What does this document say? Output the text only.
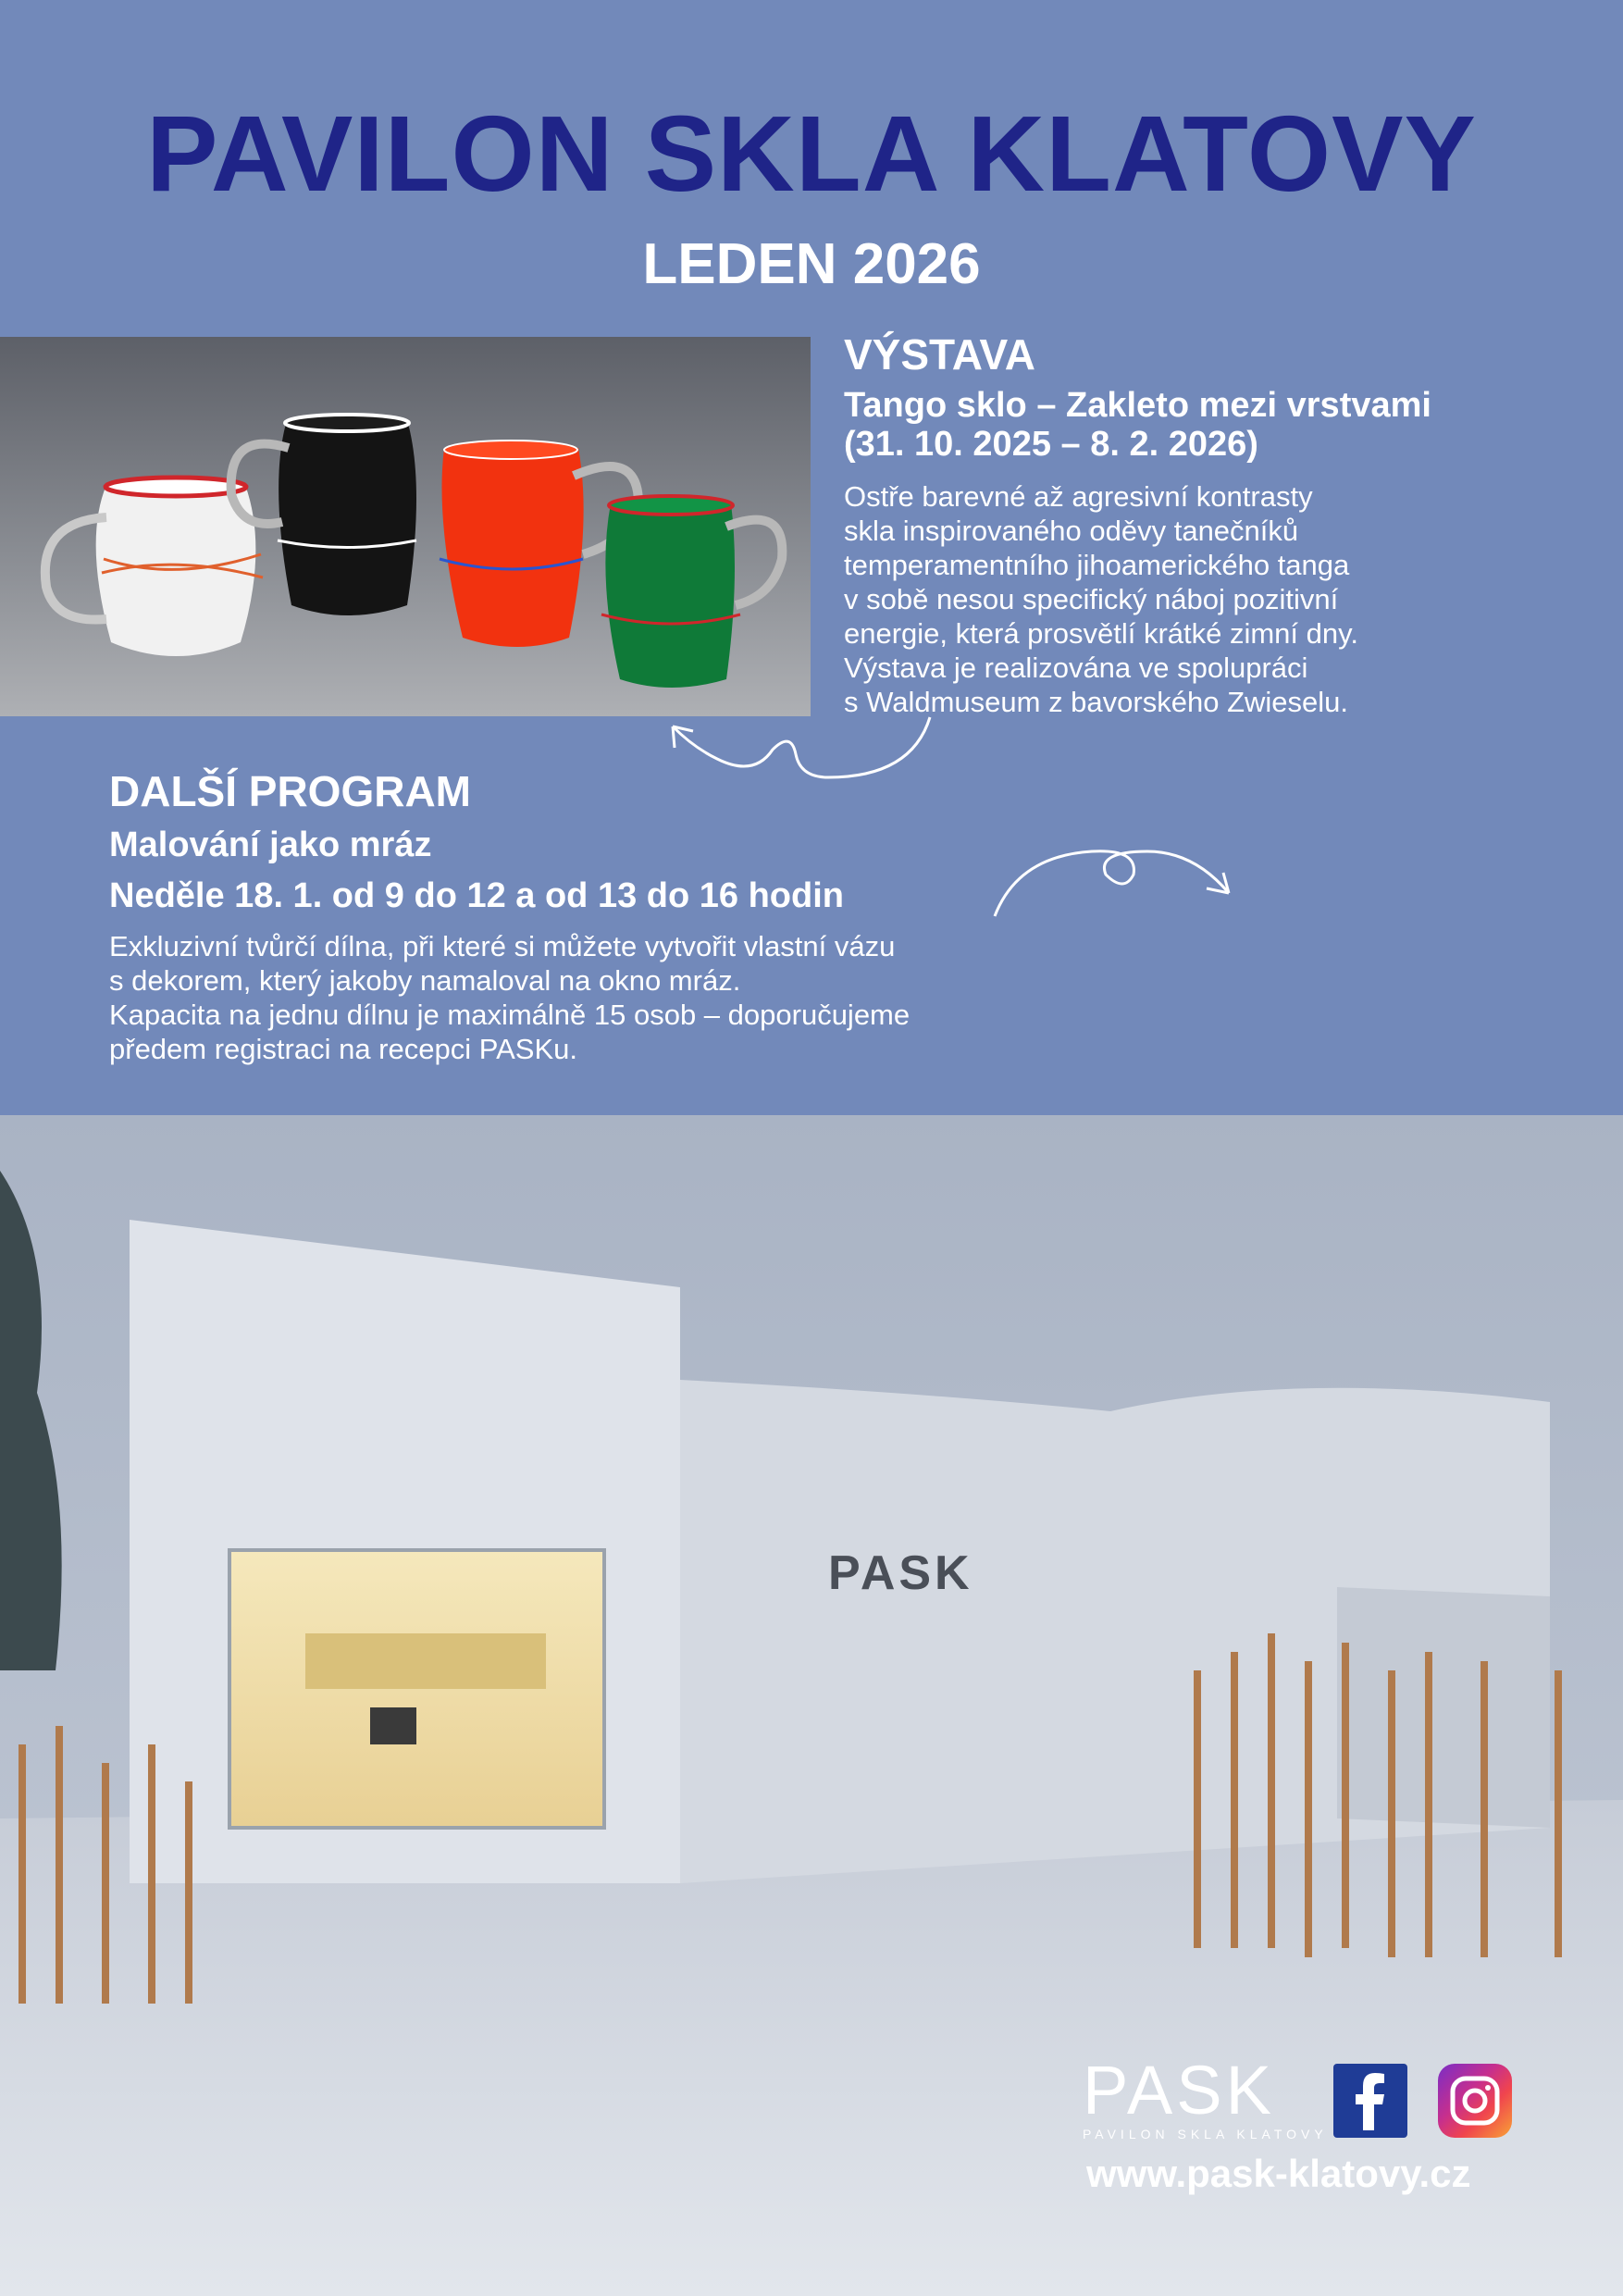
PAVILON SKLA KLATOVY
LEDEN 2026
VÝSTAVA
Tango sklo – Zakleto mezi vrstvami
(31. 10. 2025 – 8. 2. 2026)
Ostře barevné až agresivní kontrasty
skla inspirovaného oděvy tanečníků
temperamentního jihoamerického tanga
v sobě nesou specifický náboj pozitivní
energie, která prosvětlí krátké zimní dny.
Výstava je realizována ve spolupráci
s Waldmuseum z bavorského Zwieselu.
DALŠÍ PROGRAM
Malování jako mráz
Neděle 18. 1. od 9 do 12 a od 13 do 16 hodin
Exkluzivní tvůrčí dílna, při které si můžete vytvořit vlastní vázu
s dekorem, který jakoby namaloval na okno mráz.
Kapacita na jednu dílnu je maximálně 15 osob – doporučujeme
předem registraci na recepci PASKu.
PASK
PASK
PAVILON SKLA KLATOVY
www.pask-klatovy.cz
